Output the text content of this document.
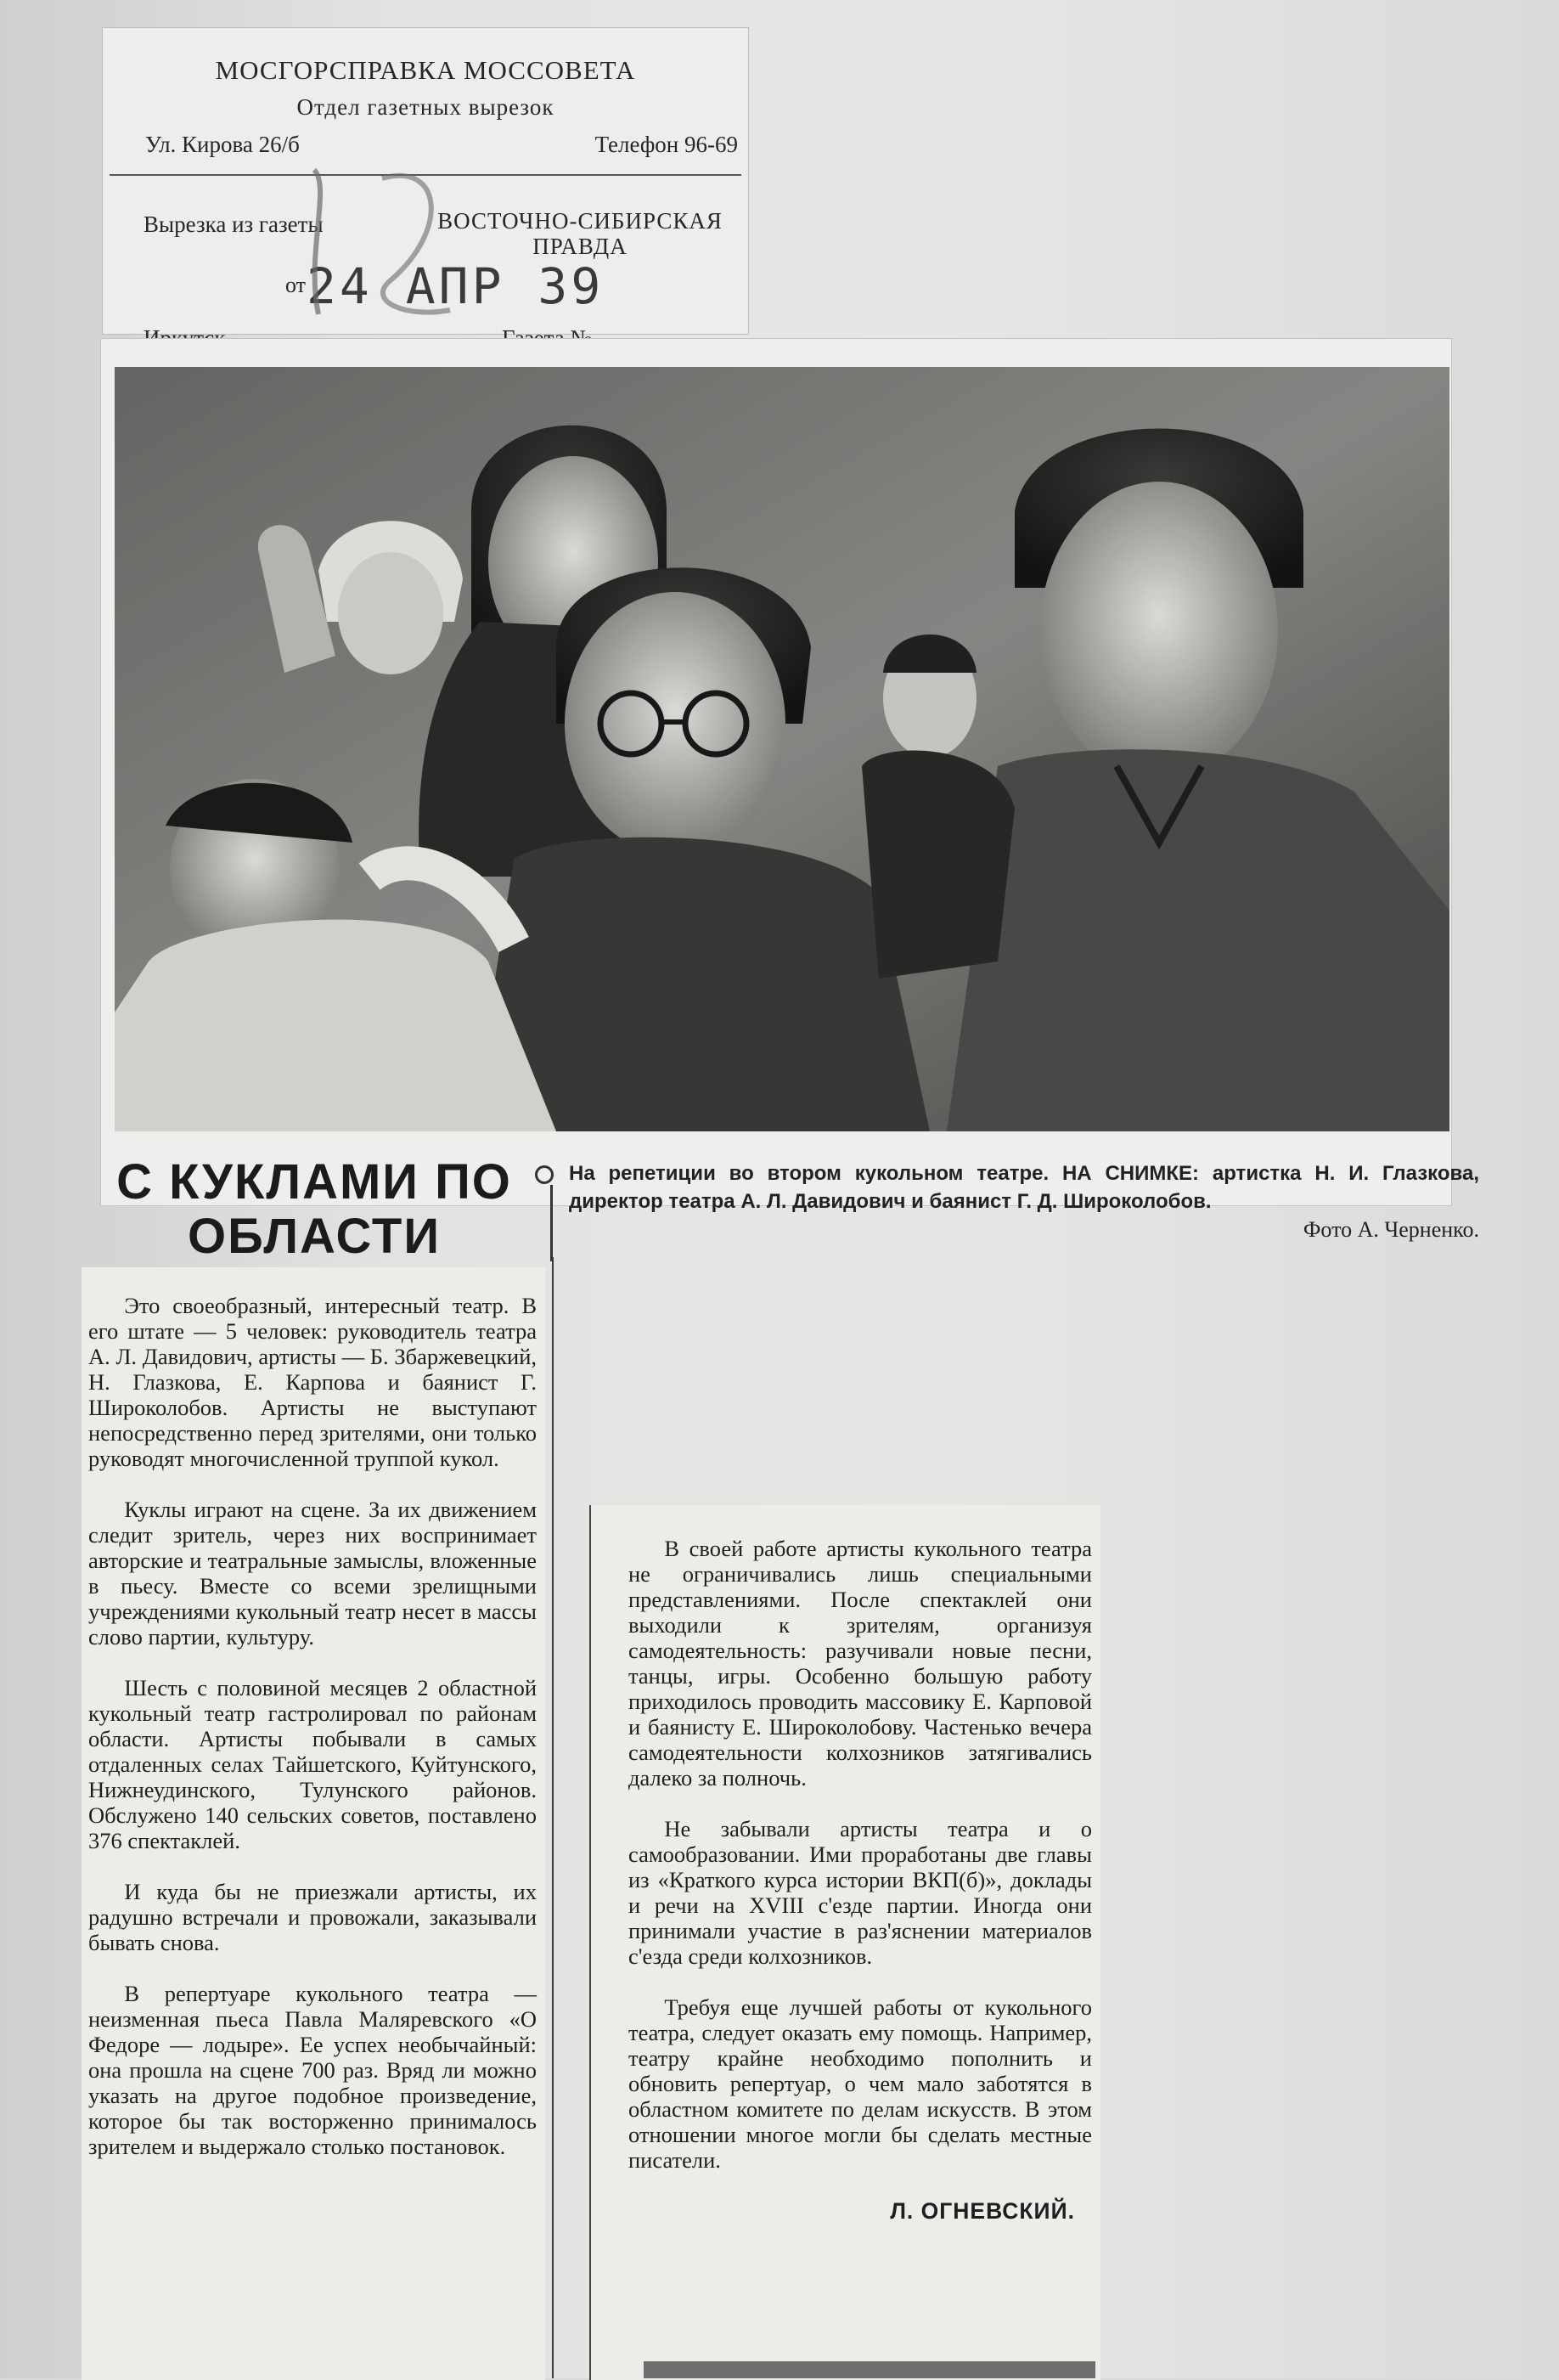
МОСГОРСПРАВКА МОССОВЕТА
Отдел газетных вырезок
Ул. Кирова 26/б	Телефон 96-69
Вырезка из газеты	ВОСТОЧНО-СИБИРСКАЯ ПРАВДА
от 24 АПР 39
На репетиции во втором кукольном театре. НА СНИМКЕ: артистка Н. И. Глазкова, директор театра А. Л. Давидович и баянист Г. Д. Широколобов.
Фото А. Черненко.
С КУКЛАМИ ПО ОБЛАСТИ

Это своеобразный, интересный театр. В его штате — 5 человек: руководитель театра А. Л. Давидович, артисты — Б. Збаржевецкий, Н. Глазкова, Е. Карпова и баянист Г. Широколобов. Артисты не выступают непосредственно перед зрителями, они только руководят многочисленной труппой кукол.

Куклы играют на сцене. За их движением следит зритель, через них воспринимает авторские и театральные замыслы, вложенные в пьесу. Вместе со всеми зрелищными учреждениями кукольный театр несет в массы слово партии, культуру.

Шесть с половиной месяцев 2 областной кукольный театр гастролировал по районам области. Артисты побывали в самых отдаленных селах Тайшетского, Куйтунского, Нижнеудинского, Тулунского районов. Обслужено 140 сельских советов, поставлено 376 спектаклей.

И куда бы не приезжали артисты, их радушно встречали и провожали, заказывали бывать снова.

В репертуаре кукольного театра — неизменная пьеса Павла Маляревского «О Федоре — лодыре». Ее успех необычайный: она прошла на сцене 700 раз. Вряд ли можно указать на другое подобное произведение, которое бы так восторженно принималось зрителем и выдержало столько постановок.

В своей работе артисты кукольного театра не ограничивались лишь специальными представлениями. После спектаклей они выходили к зрителям, организуя самодеятельность: разучивали новые песни, танцы, игры. Особенно большую работу приходилось проводить массовику Е. Карповой и баянисту Е. Широколобову. Частенько вечера самодеятельности колхозников затягивались далеко за полночь.

Не забывали артисты театра и о самообразовании. Ими проработаны две главы из «Краткого курса истории ВКП(б)», доклады и речи на XVIII с'езде партии. Иногда они принимали участие в раз'яснении материалов с'езда среди колхозников.

Требуя еще лучшей работы от кукольного театра, следует оказать ему помощь. Например, театру крайне необходимо пополнить и обновить репертуар, о чем мало заботятся в областном комитете по делам искусств. В этом отношении многое могли бы сделать местные писатели.

Л. ОГНЕВСКИЙ.
